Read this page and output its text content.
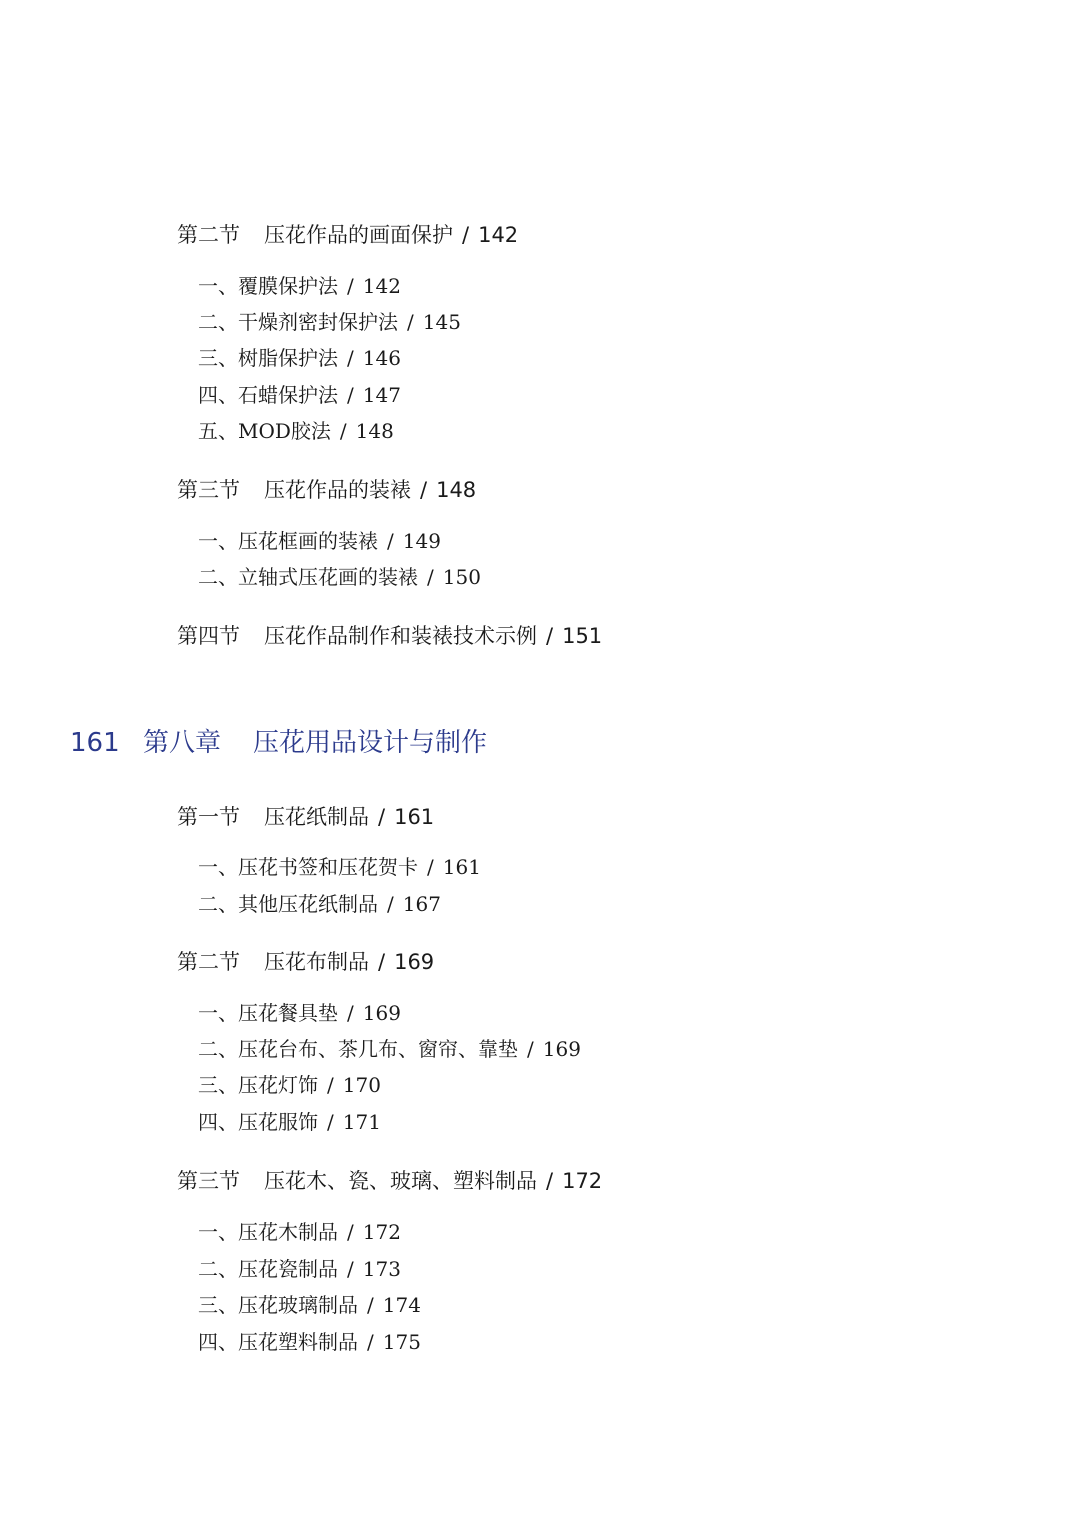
第二节 压花作品的画面保护 / 142
一、覆膜保护法 / 142
二、干燥剂密封保护法 / 145
三、树脂保护法 / 146
四、石蜡保护法 / 147
五、MOD胶法 / 148
第三节 压花作品的装裱 / 148
一、压花框画的装裱 / 149
二、立轴式压花画的装裱 / 150
第四节 压花作品制作和装裱技术示例 / 151
161 第八章 压花用品设计与制作
第一节 压花纸制品 / 161
一、压花书签和压花贺卡 / 161
二、其他压花纸制品 / 167
第二节 压花布制品 / 169
一、压花餐具垫 / 169
二、压花台布、茶几布、窗帘、靠垫 / 169
三、压花灯饰 / 170
四、压花服饰 / 171
第三节 压花木、瓷、玻璃、塑料制品 / 172
一、压花木制品 / 172
二、压花瓷制品 / 173
三、压花玻璃制品 / 174
四、压花塑料制品 / 175
